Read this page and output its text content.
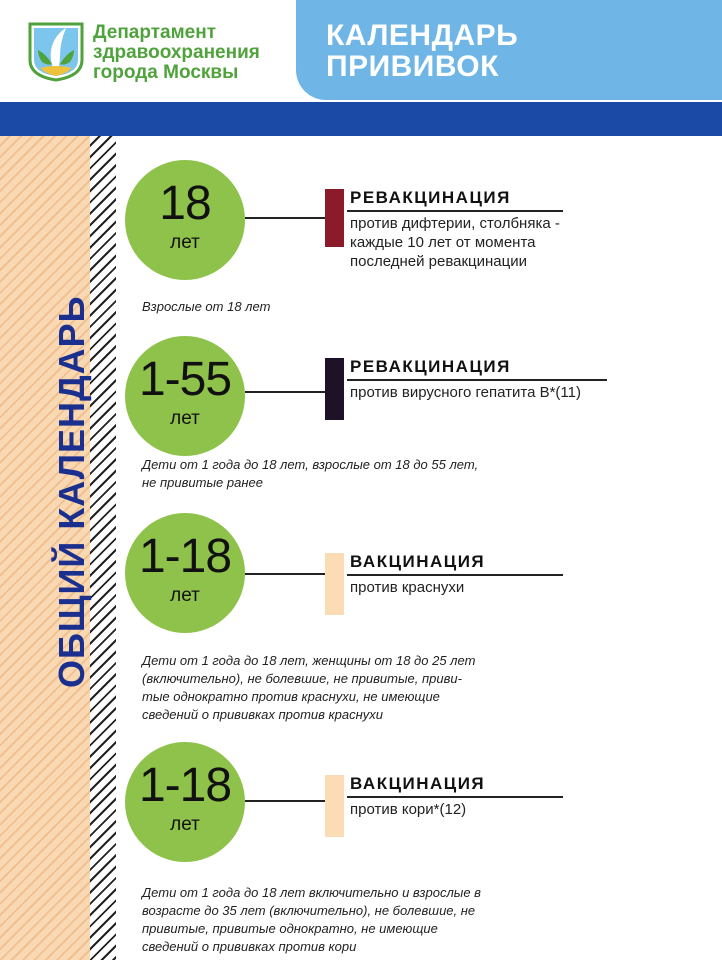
Департамент
здравоохранения
города Москвы
КАЛЕНДАРЬ
ПРИВИВОК
ОБЩИЙ КАЛЕНДАРЬ
18
лет
РЕВАКЦИНАЦИЯ
против дифтерии, столбняка -
каждые 10 лет от момента
последней ревакцинации
Взрослые от 18 лет
1-55
лет
РЕВАКЦИНАЦИЯ
против вирусного гепатита В*(11)
Дети от 1 года до 18 лет, взрослые от 18 до 55 лет,
не привитые ранее
1-18
лет
ВАКЦИНАЦИЯ
против краснухи
Дети от 1 года до 18 лет, женщины от 18 до 25 лет
(включительно), не болевшие, не привитые, приви-
тые однократно против краснухи, не имеющие
сведений о прививках против краснухи
1-18
лет
ВАКЦИНАЦИЯ
против кори*(12)
Дети от 1 года до 18 лет включительно и взрослые в
возрасте до 35 лет (включительно), не болевшие, не
привитые, привитые однократно, не имеющие
сведений о прививках против кори
